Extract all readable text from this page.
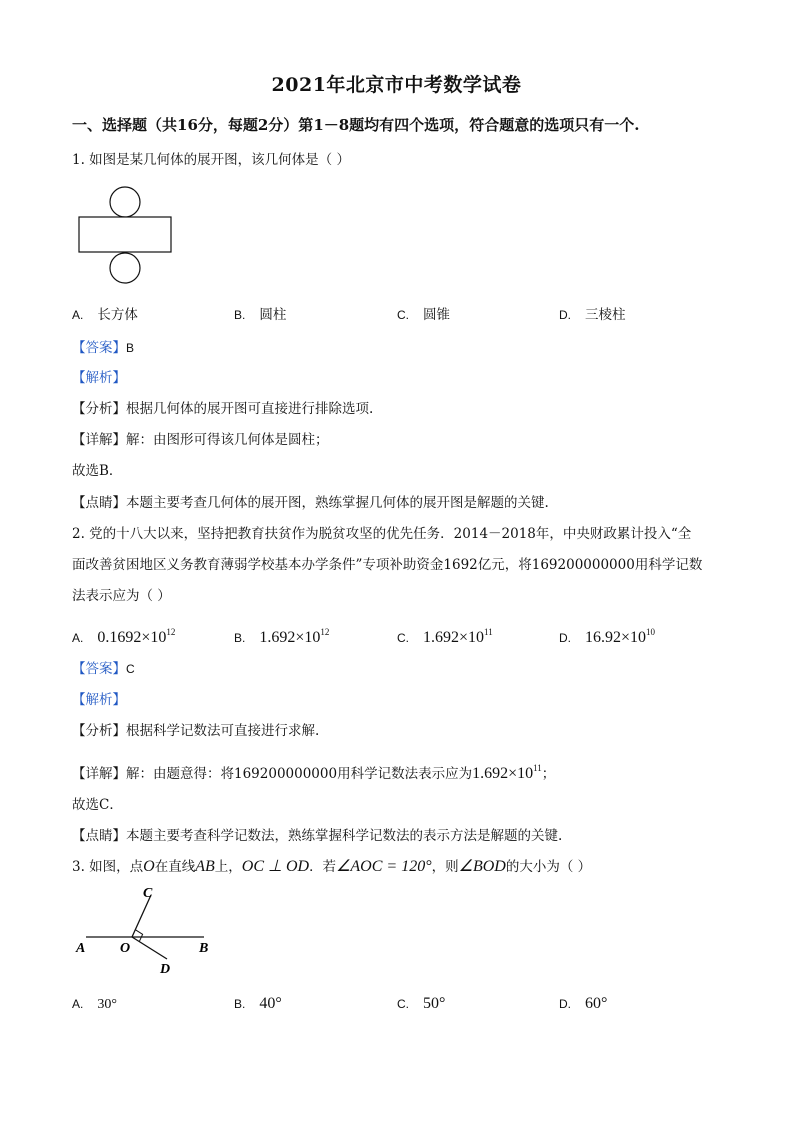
2021年北京市中考数学试卷
一、选择题（共16分，每题2分）第1－8题均有四个选项，符合题意的选项只有一个.
1. 如图是某几何体的展开图，该几何体是（ ）
A. 长方体	B. 圆柱	C. 圆锥	D. 三棱柱
【答案】B
【解析】
【分析】根据几何体的展开图可直接进行排除选项.
【详解】解：由图形可得该几何体是圆柱；
故选B．
【点睛】本题主要考查几何体的展开图，熟练掌握几何体的展开图是解题的关键.
2. 党的十八大以来，坚持把教育扶贫作为脱贫攻坚的优先任务．2014－2018年，中央财政累计投入“全
面改善贫困地区义务教育薄弱学校基本办学条件”专项补助资金1692亿元，将169200000000用科学记数
法表示应为（ ）
A. $0.1692\times 10^{12}$	B. $1.692\times 10^{12}$	C. $1.692\times 10^{11}$	D. $16.92\times 10^{10}$
【答案】C
【解析】
【分析】根据科学记数法可直接进行求解.
【详解】解：由题意得：将169200000000用科学记数法表示应为$1.692\times 10^{11}$；
故选C．
【点睛】本题主要考查科学记数法，熟练掌握科学记数法的表示方法是解题的关键.
3. 如图，点O在直线AB上，OC ⊥ OD．若∠AOC = 120°，则∠BOD的大小为（ ）
A O	B
C
D
A. 30°	B. 40°	C. 50°	D. 60°
